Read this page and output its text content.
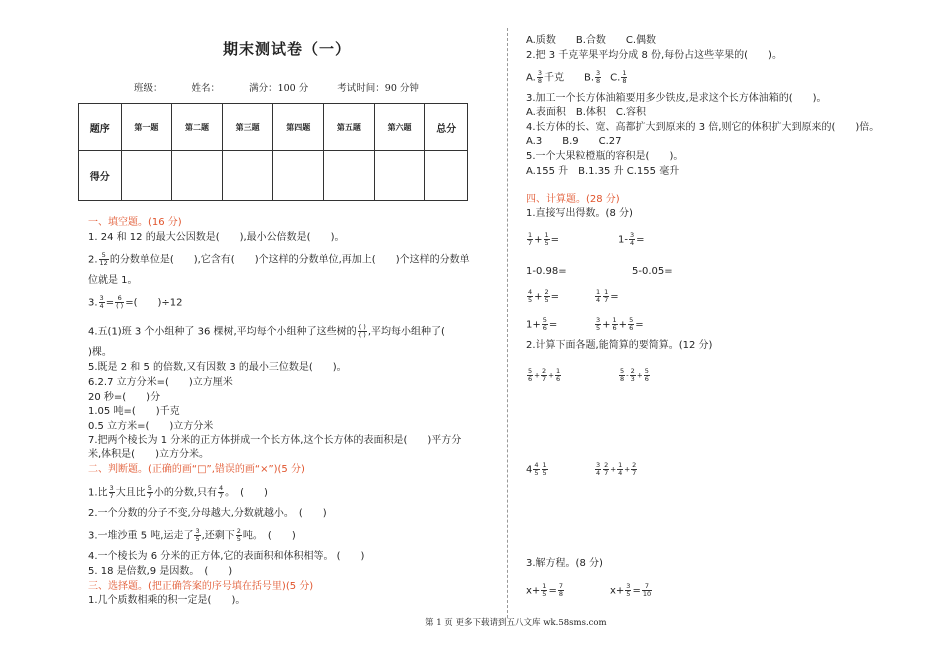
期末测试卷（一）
班级：	姓名：	满分：100 分	考试时间：90 分钟
题序	第一题	第二题	第三题	第四题	第五题	第六题	总分
得分							
一、填空题。(16 分)
1. 24 和 12 的最大公因数是(　　),最小公倍数是(　　)。
2. $\frac{5}{12}$ 的分数单位是(　　),它含有(　　)个这样的分数单位,再加上(　　)个这样的分数单
位就是 1。
3. $\frac{3}{4} = \frac{6}{( )}$ =(　　)÷12
4.五(1)班 3 个小组种了 36 棵树,平均每个小组种了这些树的 $\frac{( )}{( )}$ ,平均每小组种了(
)棵。
5.既是 2 和 5 的倍数,又有因数 3 的最小三位数是(　　)。
6.2.7 立方分米=(　　)立方厘米
20 秒=(　　)分
1.05 吨=(　　)千克
0.5 立方米=(　　)立方分米
7.把两个棱长为 1 分米的正方体拼成一个长方体,这个长方体的表面积是(　　)平方分
米,体积是(　　)立方分米。
二、判断题。(正确的画“□”,错误的画“×”)(5 分)
1.比 $\frac{3}{7}$ 大且比 $\frac{5}{7}$ 小的分数,只有 $\frac{4}{7}$ 。　(　　)
2.一个分数的分子不变,分母越大,分数就越小。　(　　)
3.一堆沙重 5 吨,运走了 $\frac{3}{5}$ ,还剩下 $\frac{2}{5}$ 吨。　(　　)
4.一个棱长为 6 分米的正方体,它的表面积和体积相等。 (　　)
5. 18 是倍数,9 是因数。　(　　)
三、选择题。(把正确答案的序号填在括号里)(5 分)
1.几个质数相乘的积一定是(　　)。
A.质数　　B.合数　　C.偶数
2.把 3 千克苹果平均分成 8 份,每份占这些苹果的(　　)。
A. $\frac{3}{8}$ 千克 B. $\frac{3}{8} C$. $\frac{1}{8}$
3.加工一个长方体油箱要用多少铁皮,是求这个长方体油箱的(　　)。
A.表面积　B.体积　C.容积
4.长方体的长、宽、高都扩大到原来的 3 倍,则它的体积扩大到原来的(　　)倍。
A.3　　B.9　　C.27
5.一个大果粒橙瓶的容积是(　　)。
A.155 升　B.1.35 升 C.155 毫升
四、计算题。(28 分)
1.直接写出得数。(8 分)
$\frac{1}{7} + \frac{1}{5}$ =	$1- \frac{3}{4}$ =
1-0.98=	5-0.05=
$\frac{4}{5} + \frac{2}{5}$ =	$\frac{1}{4} \frac{1}{7}$ =
$1+ \frac{5}{6}$ =	$\frac{3}{5} + \frac{1}{6} + \frac{5}{6}$ =
2.计算下面各题,能简算的要简算。(12 分)
$\frac{5}{6} + \frac{2}{7} + \frac{1}{6}$	$\frac{5}{8} - \frac{2}{3} + \frac{5}{6}$
$4 \frac{4}{5} \frac{1}{5}$	$\frac{3}{4} \frac{2}{7} + \frac{1}{4} + \frac{2}{7}$
3.解方程。(8 分)
$x+ \frac{1}{5} = \frac{7}{8}$	$x+ \frac{3}{5} = \frac{7}{10}$
第 1 页 更多下载请到五八文库 wk.58sms.com
